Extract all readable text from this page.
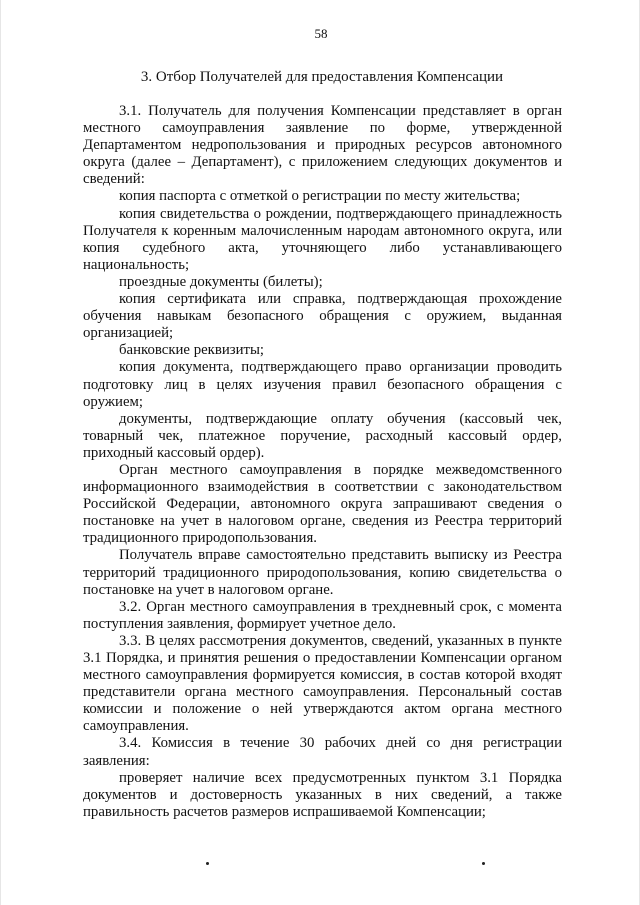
58
3. Отбор Получателей для предоставления Компенсации

3.1. Получатель для получения Компенсации представляет в орган местного самоуправления заявление по форме, утвержденной Департаментом недропользования и природных ресурсов автономного округа (далее – Департамент), с приложением следующих документов и сведений:

копия паспорта с отметкой о регистрации по месту жительства;

копия свидетельства о рождении, подтверждающего принадлежность Получателя к коренным малочисленным народам автономного округа, или копия судебного акта, уточняющего либо устанавливающего национальность;

проездные документы (билеты);

копия сертификата или справка, подтверждающая прохождение обучения навыкам безопасного обращения с оружием, выданная организацией;

банковские реквизиты;

копия документа, подтверждающего право организации проводить подготовку лиц в целях изучения правил безопасного обращения с оружием;

документы, подтверждающие оплату обучения (кассовый чек, товарный чек, платежное поручение, расходный кассовый ордер, приходный кассовый ордер).

Орган местного самоуправления в порядке межведомственного информационного взаимодействия в соответствии с законодательством Российской Федерации, автономного округа запрашивают сведения о постановке на учет в налоговом органе, сведения из Реестра территорий традиционного природопользования.

Получатель вправе самостоятельно представить выписку из Реестра территорий традиционного природопользования, копию свидетельства о постановке на учет в налоговом органе.

3.2. Орган местного самоуправления в трехдневный срок, с момента поступления заявления, формирует учетное дело.

3.3. В целях рассмотрения документов, сведений, указанных в пункте 3.1 Порядка, и принятия решения о предоставлении Компенсации органом местного самоуправления формируется комиссия, в состав которой входят представители органа местного самоуправления. Персональный состав комиссии и положение о ней утверждаются актом органа местного самоуправления.

3.4. Комиссия в течение 30 рабочих дней со дня регистрации заявления:

проверяет наличие всех предусмотренных пунктом 3.1 Порядка документов и достоверность указанных в них сведений, а также правильность расчетов размеров испрашиваемой Компенсации;
